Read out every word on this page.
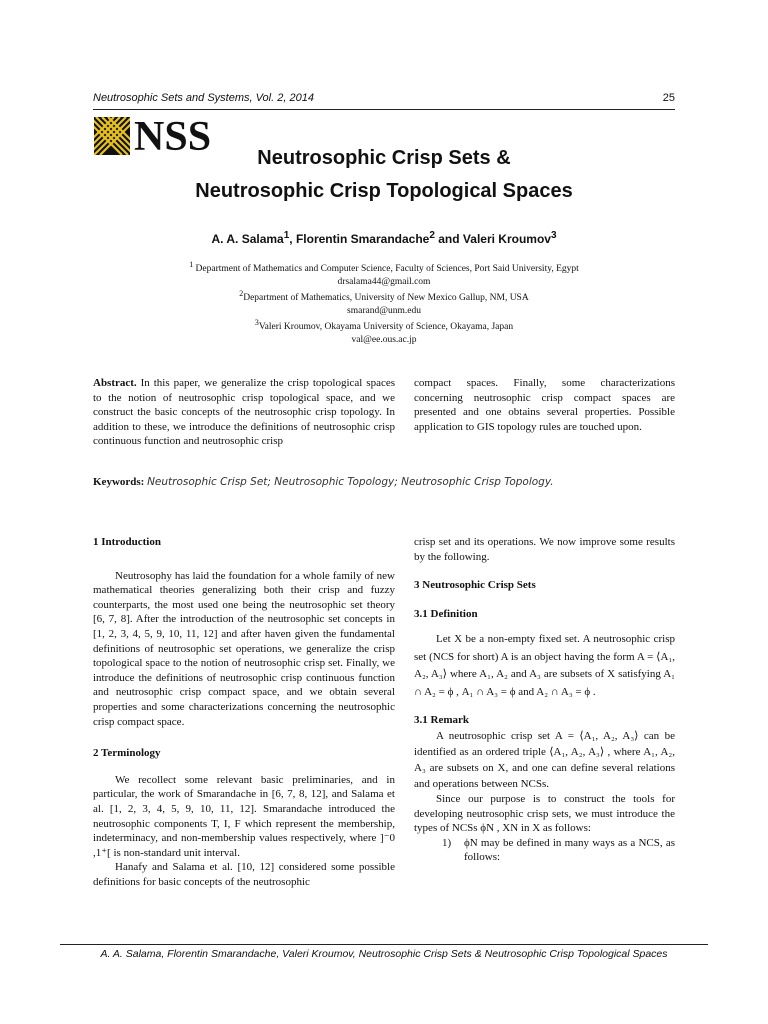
Neutrosophic Sets and Systems, Vol. 2, 2014	25
NSS	Neutrosophic Crisp Sets &
Neutrosophic Crisp Topological Spaces
A. A. Salama$^1$, Florentin Smarandache$^2$ and Valeri Kroumov$^3$
$^1$ Department of Mathematics and Computer Science, Faculty of Sciences, Port Said University, Egypt
drsalama44@gmail.com
$^2$Department of Mathematics, University of New Mexico Gallup, NM, USA
smarand@unm.edu
$^3$Valeri Kroumov, Okayama University of Science, Okayama, Japan
val@ee.ous.ac.jp

Abstract. In this paper, we generalize the crisp topological spaces to the notion of neutrosophic crisp topological space, and we construct the basic concepts of the neutrosophic crisp topology. In addition to these, we introduce the definitions of neutrosophic crisp continuous function and neutrosophic crisp

compact spaces. Finally, some characterizations concerning neutrosophic crisp compact spaces are presented and one obtains several properties. Possible application to GIS topology rules are touched upon.

Keywords: Neutrosophic Crisp Set; Neutrosophic Topology; Neutrosophic Crisp Topology.

1 Introduction

Neutrosophy has laid the foundation for a whole family of new mathematical theories generalizing both their crisp and fuzzy counterparts, the most used one being the neutrosophic set theory [6, 7, 8]. After the introduction of the neutrosophic set concepts in [1, 2, 3, 4, 5, 9, 10, 11, 12] and after haven given the fundamental definitions of neutrosophic set operations, we generalize the crisp topological space to the notion of neutrosophic crisp set. Finally, we introduce the definitions of neutrosophic crisp continuous function and neutrosophic crisp compact space, and we obtain several properties and some characterizations concerning the neutrosophic crisp compact space.

2 Terminology

We recollect some relevant basic preliminaries, and in particular, the work of Smarandache in [6, 7, 8, 12], and Salama et al. [1, 2, 3, 4, 5, 9, 10, 11, 12]. Smarandache introduced the neutrosophic components T, I, F which represent the membership, indeterminacy, and non-membership values respectively, where ]⁻0 ,1⁺[ is non-standard unit interval.

Hanafy and Salama et al. [10, 12] considered some possible definitions for basic concepts of the neutrosophic

crisp set and its operations. We now improve some results by the following.

3 Neutrosophic Crisp Sets

3.1 Definition

Let X be a non-empty fixed set. A neutrosophic crisp set (NCS for short) A is an object having the form A = ⟨A₁, A₂, A₃⟩ where A₁, A₂ and A₃ are subsets of X satisfying A₁ ∩ A₂ = ϕ , A₁ ∩ A₃ = ϕ and A₂ ∩ A₃ = ϕ .

3.1 Remark

A neutrosophic crisp set A = ⟨A₁, A₂, A₃⟩ can be identified as an ordered triple ⟨A₁, A₂, A₃⟩ , where A₁, A₂, A₃ are subsets on X, and one can define several relations and operations between NCSs.

Since our purpose is to construct the tools for developing neutrosophic crisp sets, we must introduce the types of NCSs ϕN , XN in X as follows:

1) ϕN may be defined in many ways as a NCS, as follows:

A. A. Salama, Florentin Smarandache, Valeri Kroumov, Neutrosophic Crisp Sets & Neutrosophic Crisp Topological Spaces
